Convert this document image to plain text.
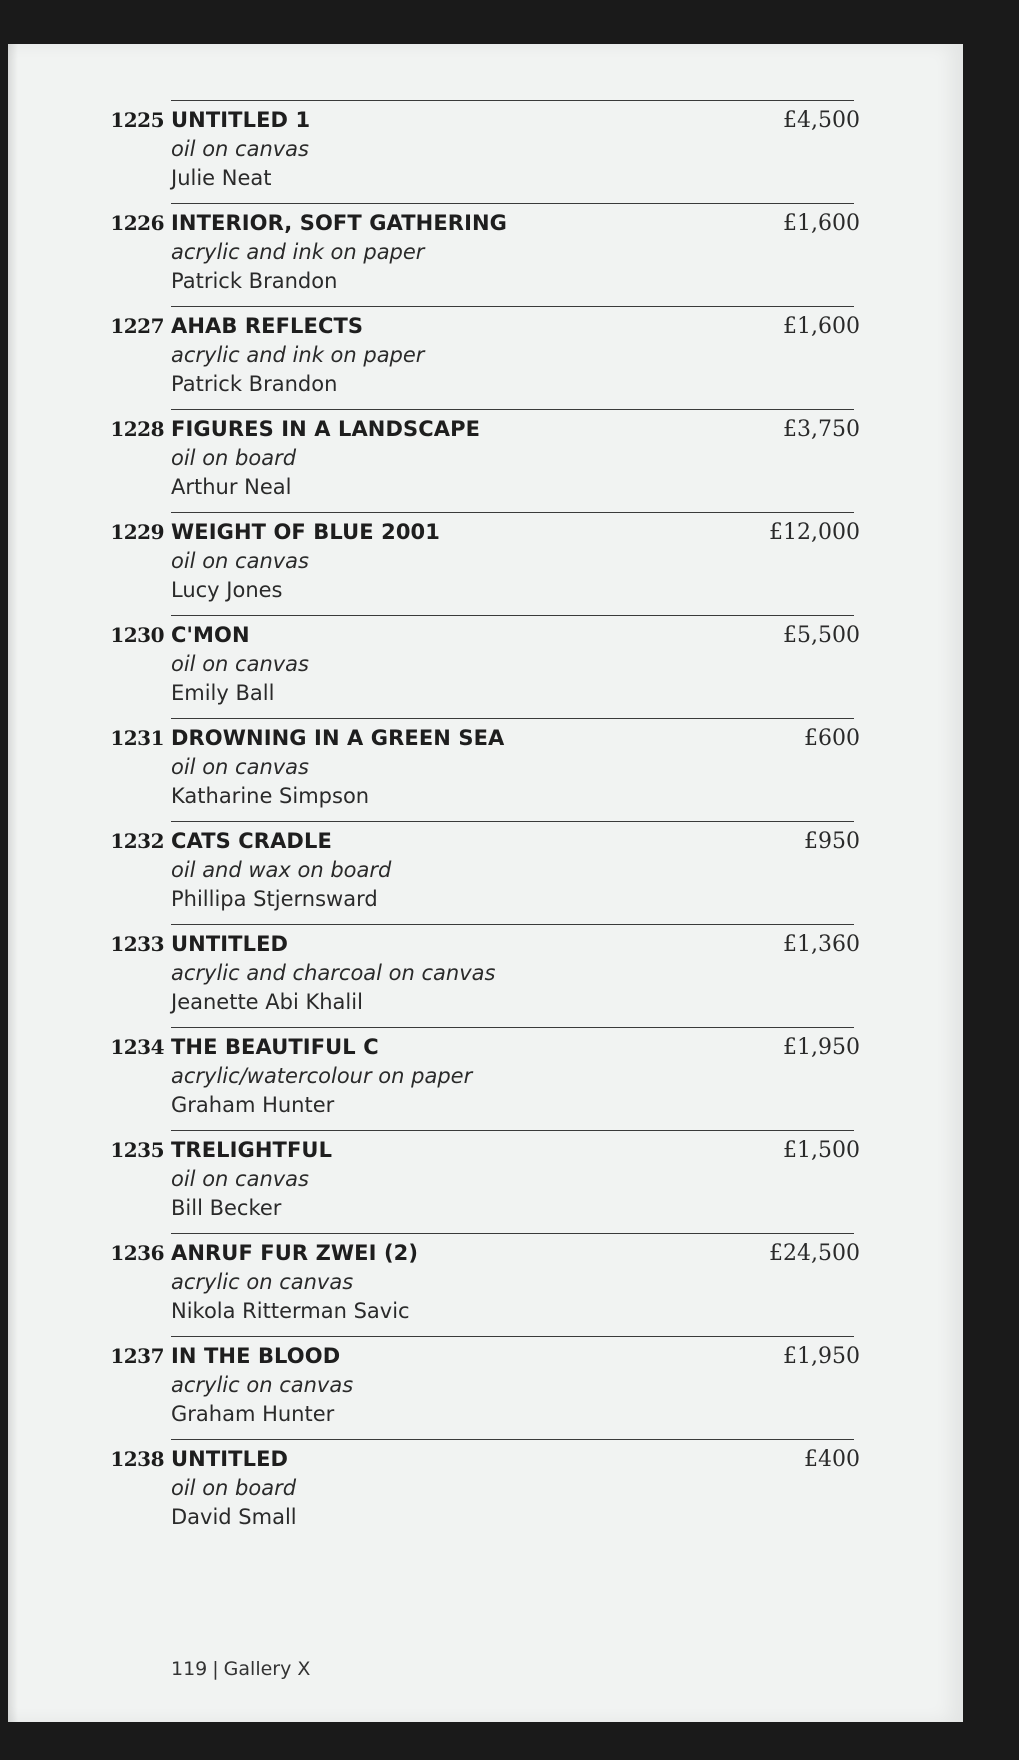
1225 UNTITLED 1
oil on canvas
Julie Neat
£4,500
1226 INTERIOR, SOFT GATHERING
acrylic and ink on paper
Patrick Brandon
£1,600
1227 AHAB REFLECTS
acrylic and ink on paper
Patrick Brandon
£1,600
1228 FIGURES IN A LANDSCAPE
oil on board
Arthur Neal
£3,750
1229 WEIGHT OF BLUE 2001
oil on canvas
Lucy Jones
£12,000
1230 C'MON
oil on canvas
Emily Ball
£5,500
1231 DROWNING IN A GREEN SEA
oil on canvas
Katharine Simpson
£600
1232 CATS CRADLE
oil and wax on board
Phillipa Stjernsward
£950
1233 UNTITLED
acrylic and charcoal on canvas
Jeanette Abi Khalil
£1,360
1234 THE BEAUTIFUL C
acrylic/watercolour on paper
Graham Hunter
£1,950
1235 TRELIGHTFUL
oil on canvas
Bill Becker
£1,500
1236 ANRUF FUR ZWEI (2)
acrylic on canvas
Nikola Ritterman Savic
£24,500
1237 IN THE BLOOD
acrylic on canvas
Graham Hunter
£1,950
1238 UNTITLED
oil on board
David Small
£400
119 | Gallery X
